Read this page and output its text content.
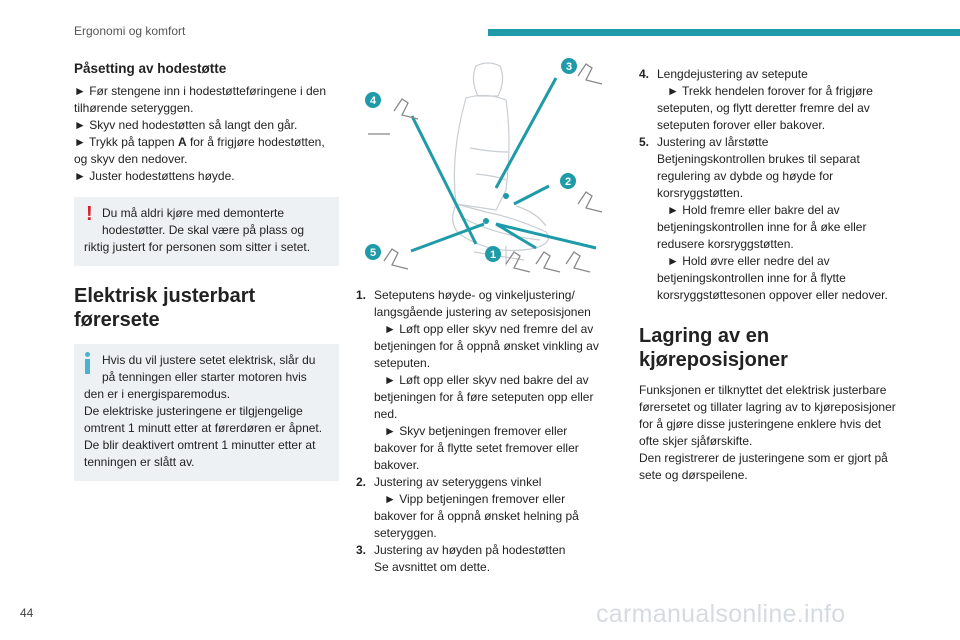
Ergonomi og komfort
Påsetting av hodestøtte

► Før stengene inn i hodestøtteføringene i den tilhørende seteryggen.

► Skyv ned hodestøtten så langt den går.

► Trykk på tappen A for å frigjøre hodestøtten, og skyv den nedover.

► Juster hodestøttens høyde.

! Du må aldri kjøre med demonterte
hodestøtter. De skal være på plass og riktig justert for personen som sitter i setet.
Elektrisk justerbart førersete
Hvis du vil justere setet elektrisk, slår du
på tenningen eller starter motoren hvis
den er i energisparemodus.
De elektriske justeringene er tilgjengelige omtrent 1 minutt etter at førerdøren er åpnet.
De blir deaktivert omtrent 1 minutter etter at tenningen er slått av.
4
3
2
5	1
1. Seteputens høyde- og vinkeljustering/ langsgående justering av seteposisjonen
► Løft opp eller skyv ned fremre del av betjeningen for å oppnå ønsket vinkling av seteputen.
► Løft opp eller skyv ned bakre del av betjeningen for å føre seteputen opp eller ned.
► Skyv betjeningen fremover eller bakover for å flytte setet fremover eller bakover.
2. Justering av seteryggens vinkel
► Vipp betjeningen fremover eller bakover for å oppnå ønsket helning på seteryggen.
3. Justering av høyden på hodestøtten
Se avsnittet om dette.
4. Lengdejustering av setepute
► Trekk hendelen forover for å frigjøre seteputen, og flytt deretter fremre del av seteputen forover eller bakover.
5. Justering av lårstøtte
Betjeningskontrollen brukes til separat regulering av dybde og høyde for korsryggstøtten.
► Hold fremre eller bakre del av betjeningskontrollen inne for å øke eller redusere korsryggstøtten.
► Hold øvre eller nedre del av betjeningskontrollen inne for å flytte korsryggstøttesonen oppover eller nedover.
Lagring av en kjøreposisjoner

Funksjonen er tilknyttet det elektrisk justerbare førersetet og tillater lagring av to kjøreposisjoner for å gjøre disse justeringene enklere hvis det ofte skjer sjåførskifte.

Den registrerer de justeringene som er gjort på sete og dørspeilene.

44	carmanualsonline.info
